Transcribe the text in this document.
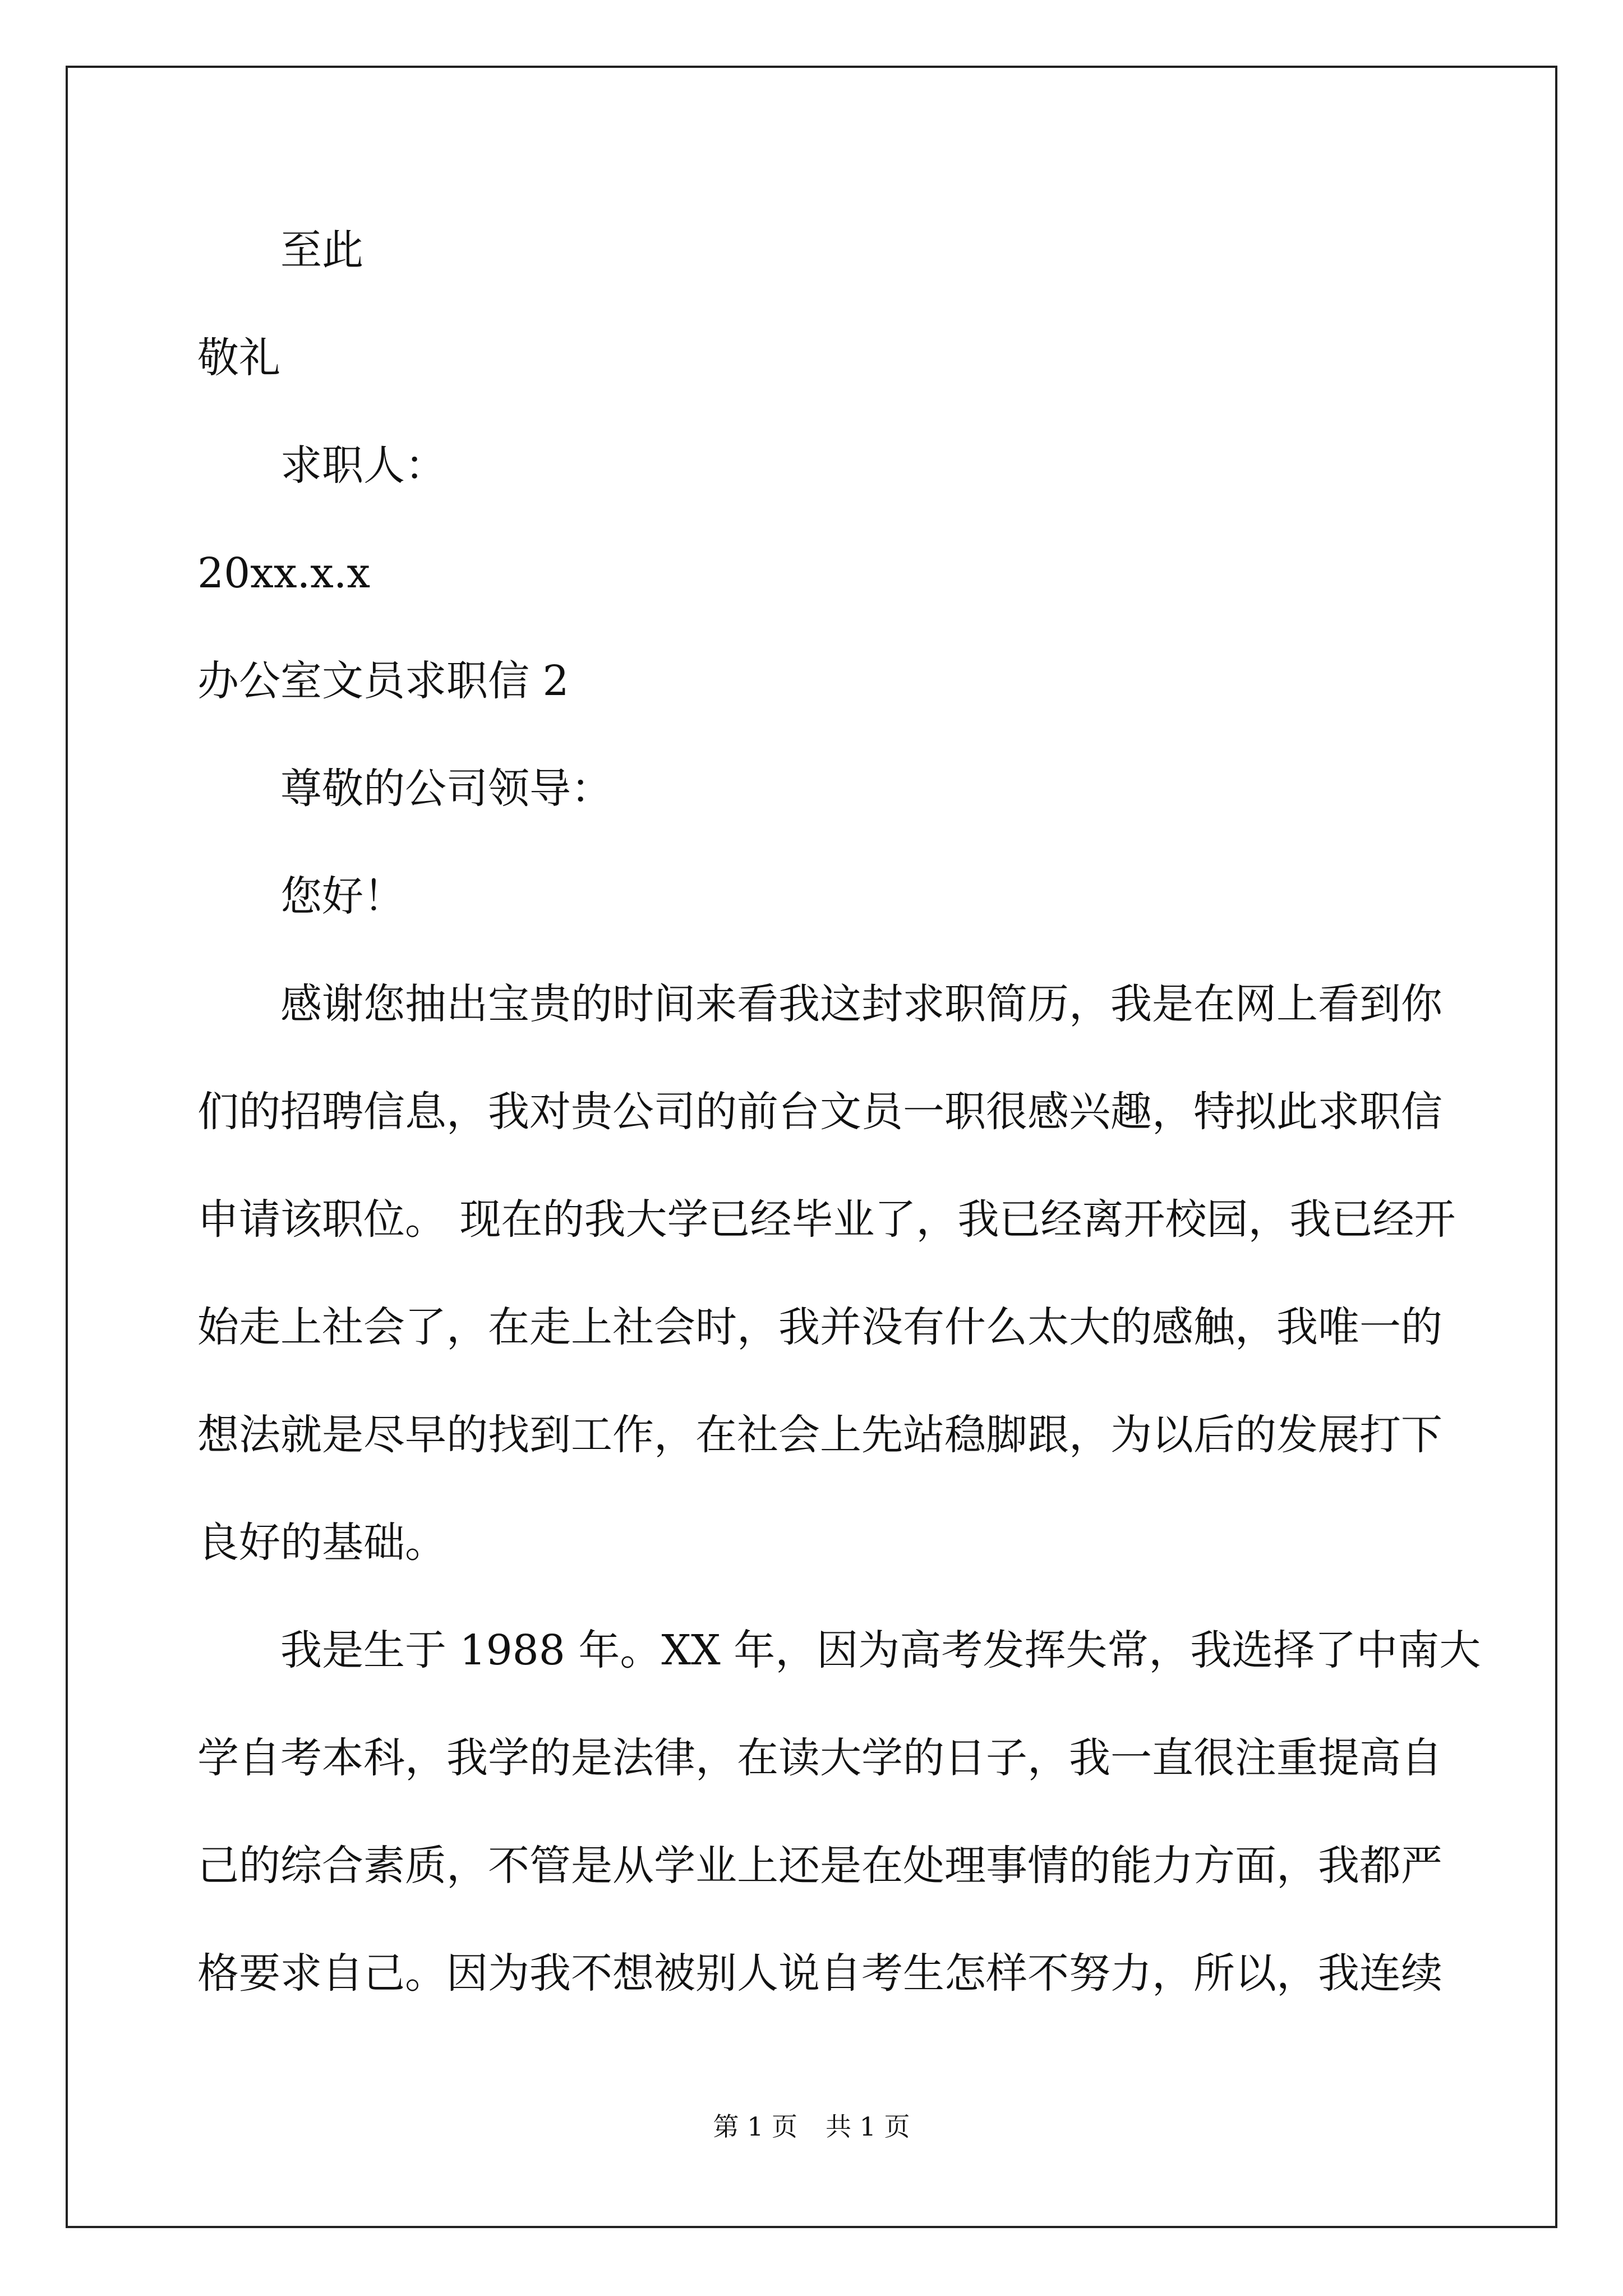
至此
敬礼
求职人：
20xx.x.x
办公室文员求职信 2
尊敬的公司领导：
您好！
感谢您抽出宝贵的时间来看我这封求职简历，我是在网上看到你
们的招聘信息，我对贵公司的前台文员一职很感兴趣，特拟此求职信
申请该职位。 现在的我大学已经毕业了，我已经离开校园，我已经开
始走上社会了，在走上社会时，我并没有什么太大的感触，我唯一的
想法就是尽早的找到工作，在社会上先站稳脚跟，为以后的发展打下
良好的基础。
我是生于 1988 年。XX 年，因为高考发挥失常，我选择了中南大
学自考本科，我学的是法律，在读大学的日子，我一直很注重提高自
己的综合素质，不管是从学业上还是在处理事情的能力方面，我都严
格要求自己。因为我不想被别人说自考生怎样不努力，所以，我连续
第 1 页 共 1 页
